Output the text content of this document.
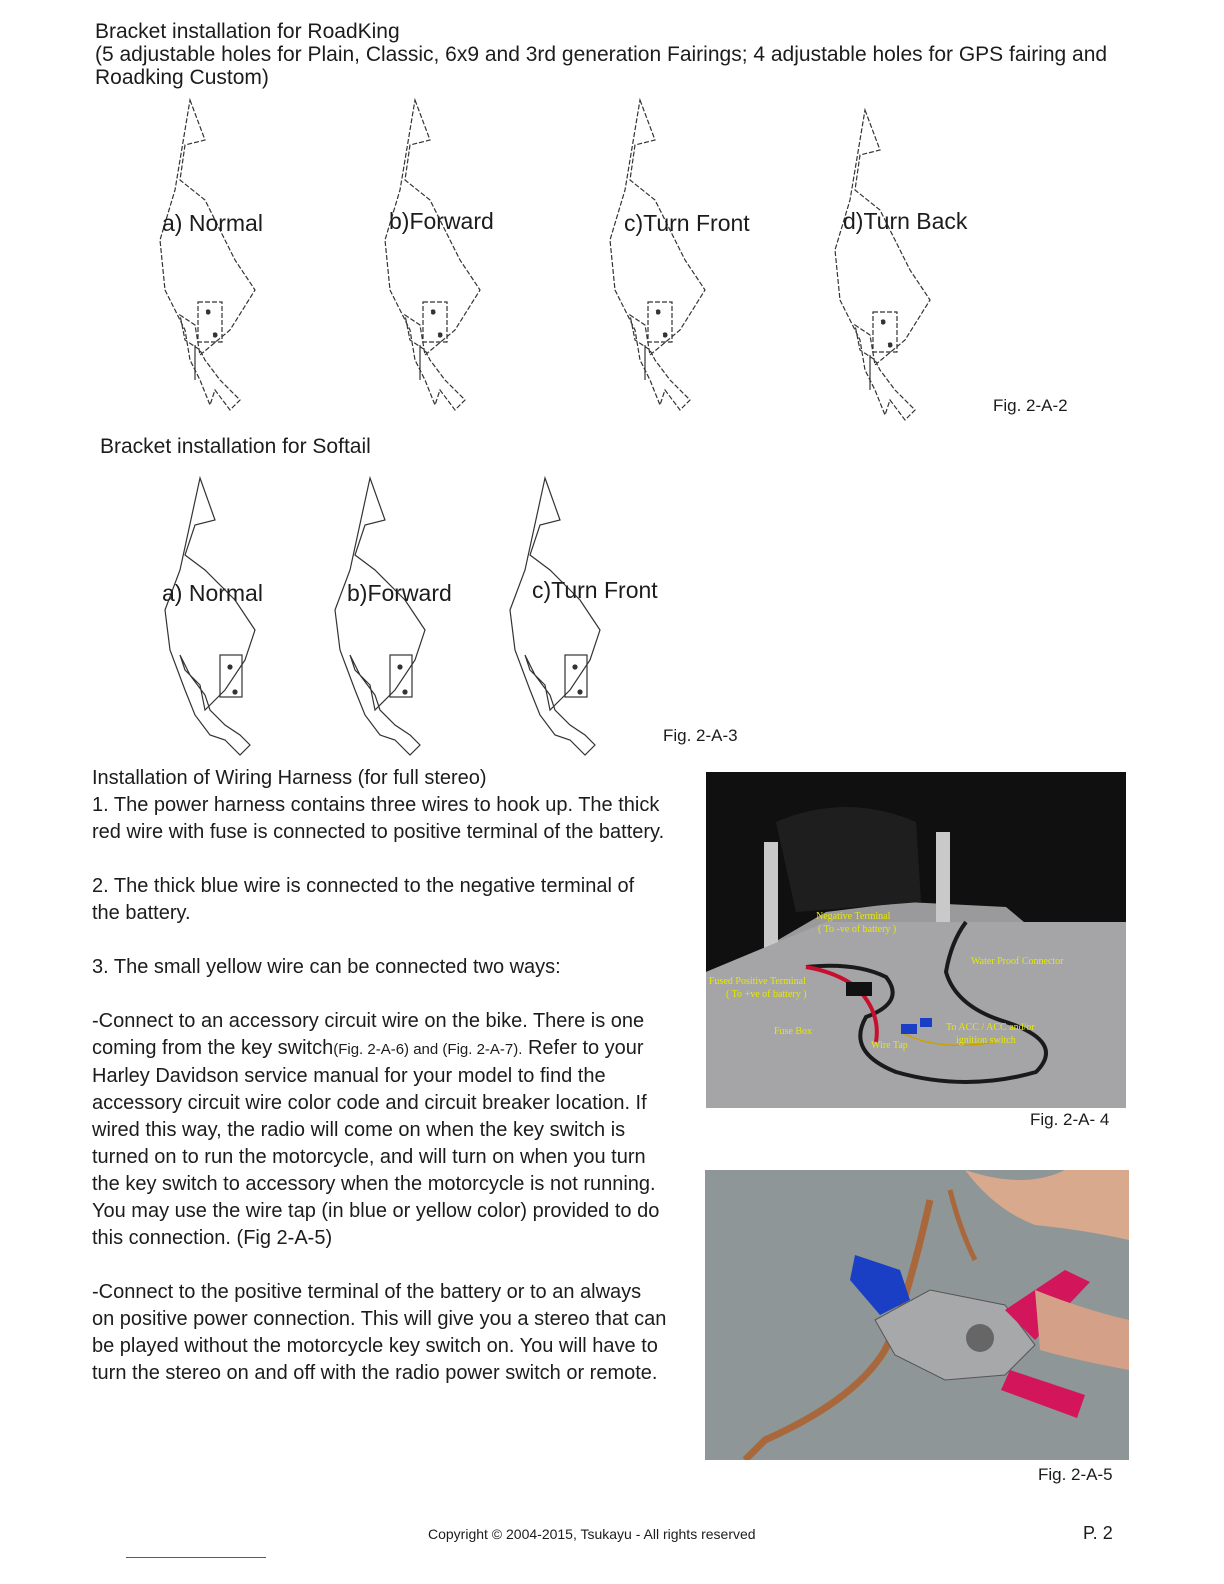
Bracket installation for RoadKing
(5 adjustable holes for Plain, Classic, 6x9 and 3rd generation Fairings; 4 adjustable holes for GPS fairing and Roadking Custom)
a) Normal	b)Forward	c)Turn Front	d)Turn Back
Fig. 2-A-2
Bracket installation for Softail
a) Normal	b)Forward	c)Turn Front
Fig. 2-A-3

Installation of Wiring Harness (for full stereo)

1. The power harness contains three wires to hook up. The thick red wire with fuse is connected to positive terminal of the battery.

2. The thick blue wire is connected to the negative terminal of the battery.

3. The small yellow wire can be connected two ways:

-Connect to an accessory circuit wire on the bike. There is one coming from the key switch(Fig. 2-A-6) and (Fig. 2-A-7). Refer to your Harley Davidson service manual for your model to find the accessory circuit wire color code and circuit breaker location. If wired this way, the radio will come on when the key switch is turned on to run the motorcycle, and will turn on when you turn the key switch to accessory when the motorcycle is not running. You may use the wire tap (in blue or yellow color) provided to do this connection. (Fig 2-A-5)

-Connect to the positive terminal of the battery or to an always on positive power connection. This will give you a stereo that can be played without the motorcycle key switch on. You will have to turn the stereo on and off with the radio power switch or remote.

Negative Terminal
( To -ve of battery )
Fused Positive Terminal
( To +ve of battery )
Water Proof Connector
Fuse Box
Wire Tap
To ACC / ACC and/or
ignition switch
Fig. 2-A- 4
Fig. 2-A-5
Copyright © 2004-2015, Tsukayu - All rights reserved	P. 2
